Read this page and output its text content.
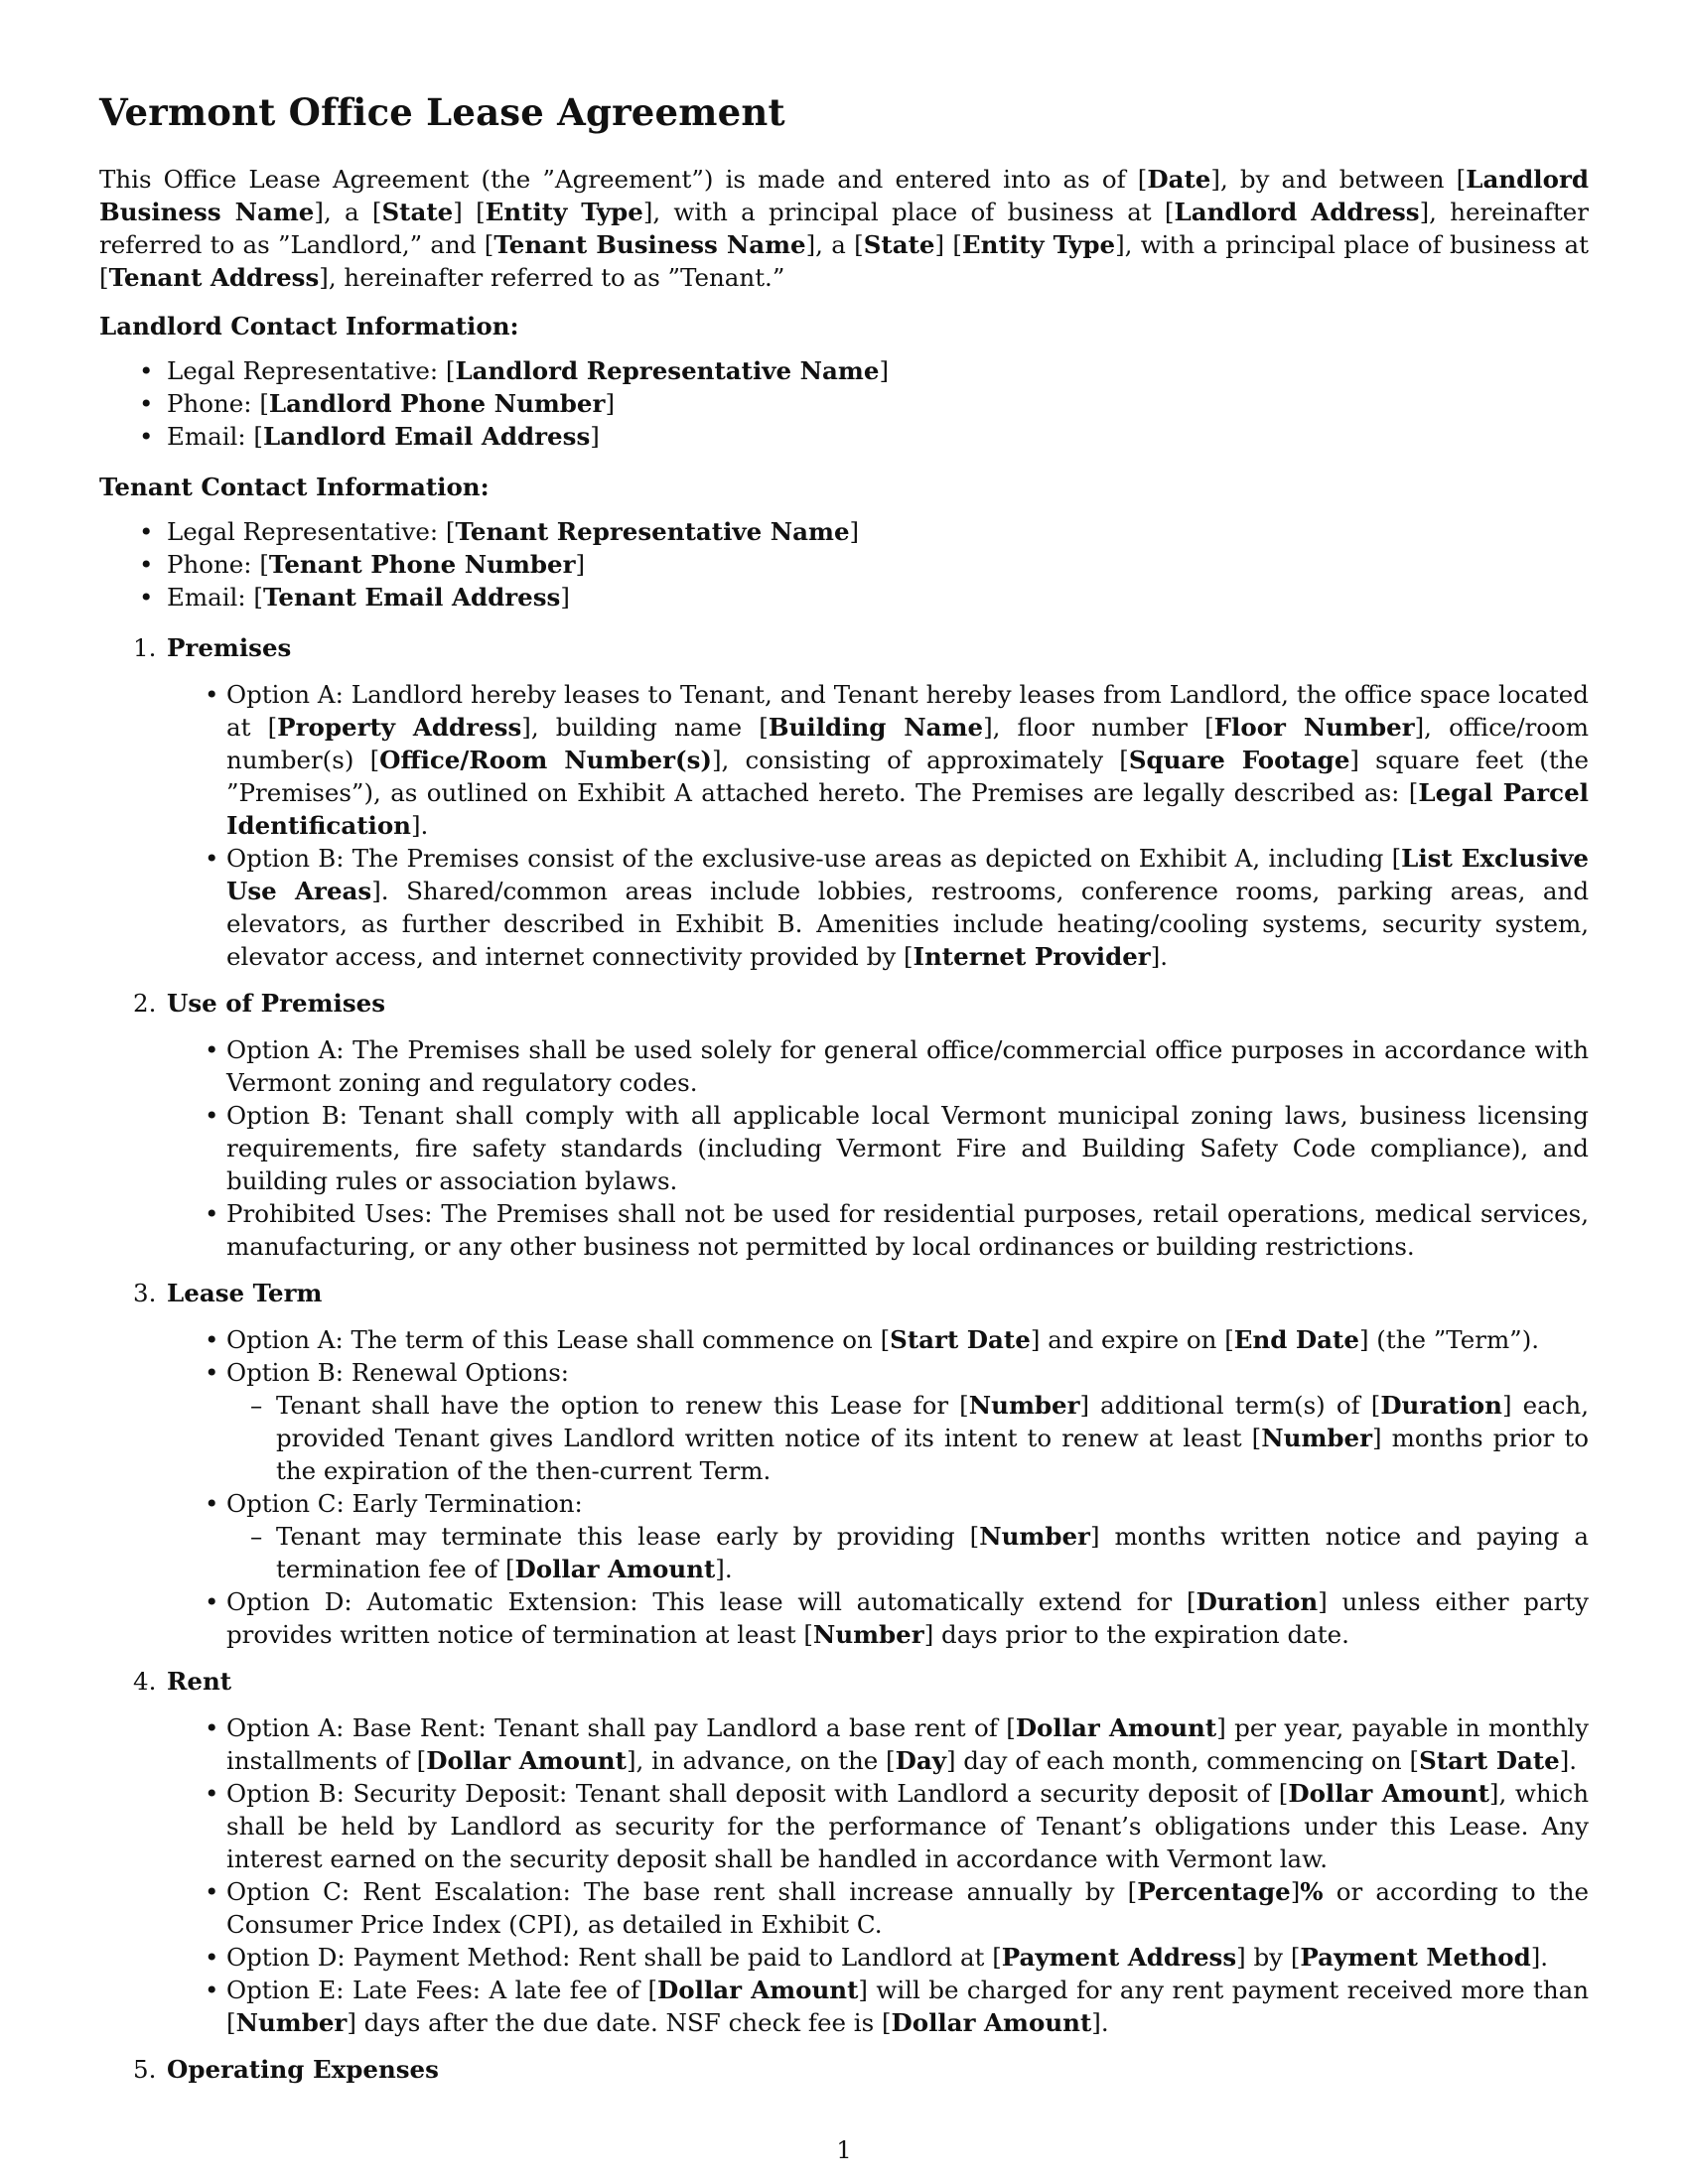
Vermont Office Lease Agreement

This Office Lease Agreement (the ”Agreement”) is made and entered into as of [Date], by and between [Landlord Business Name], a [State] [Entity Type], with a principal place of business at [Landlord Address], hereinafter referred to as ”Landlord,” and [Tenant Business Name], a [State] [Entity Type], with a principal place of business at [Tenant Address], hereinafter referred to as ”Tenant.”

Landlord Contact Information:

• Legal Representative: [Landlord Representative Name]
• Phone: [Landlord Phone Number]
• Email: [Landlord Email Address]

Tenant Contact Information:

• Legal Representative: [Tenant Representative Name]
• Phone: [Tenant Phone Number]
• Email: [Tenant Email Address]
1. Premises
• Option A: Landlord hereby leases to Tenant, and Tenant hereby leases from Landlord, the office space located at [Property Address], building name [Building Name], floor number [Floor Number], office/room number(s) [Office/Room Number(s)], consisting of approximately [Square Footage] square feet (the ”Premises”), as outlined on Exhibit A attached hereto. The Premises are legally described as: [Legal Parcel Identification].
• Option B: The Premises consist of the exclusive-use areas as depicted on Exhibit A, including [List Exclusive Use Areas]. Shared/common areas include lobbies, restrooms, conference rooms, parking areas, and elevators, as further described in Exhibit B. Amenities include heating/cooling systems, security system, elevator access, and internet connectivity provided by [Internet Provider].
2. Use of Premises
• Option A: The Premises shall be used solely for general office/commercial office purposes in accordance with Vermont zoning and regulatory codes.
• Option B: Tenant shall comply with all applicable local Vermont municipal zoning laws, business licensing requirements, fire safety standards (including Vermont Fire and Building Safety Code compliance), and building rules or association bylaws.
• Prohibited Uses: The Premises shall not be used for residential purposes, retail operations, medical services, manufacturing, or any other business not permitted by local ordinances or building restrictions.
3. Lease Term
• Option A: The term of this Lease shall commence on [Start Date] and expire on [End Date] (the ”Term”).
• Option B: Renewal Options:
– Tenant shall have the option to renew this Lease for [Number] additional term(s) of [Duration] each, provided Tenant gives Landlord written notice of its intent to renew at least [Number] months prior to the expiration of the then-current Term.
• Option C: Early Termination:
– Tenant may terminate this lease early by providing [Number] months written notice and paying a termination fee of [Dollar Amount].
• Option D: Automatic Extension: This lease will automatically extend for [Duration] unless either party provides written notice of termination at least [Number] days prior to the expiration date.
4. Rent
• Option A: Base Rent: Tenant shall pay Landlord a base rent of [Dollar Amount] per year, payable in monthly installments of [Dollar Amount], in advance, on the [Day] day of each month, commencing on [Start Date].
• Option B: Security Deposit: Tenant shall deposit with Landlord a security deposit of [Dollar Amount], which shall be held by Landlord as security for the performance of Tenant’s obligations under this Lease. Any interest earned on the security deposit shall be handled in accordance with Vermont law.
• Option C: Rent Escalation: The base rent shall increase annually by [Percentage]% or according to the Consumer Price Index (CPI), as detailed in Exhibit C.
• Option D: Payment Method: Rent shall be paid to Landlord at [Payment Address] by [Payment Method].
• Option E: Late Fees: A late fee of [Dollar Amount] will be charged for any rent payment received more than [Number] days after the due date. NSF check fee is [Dollar Amount].
5. Operating Expenses
1
